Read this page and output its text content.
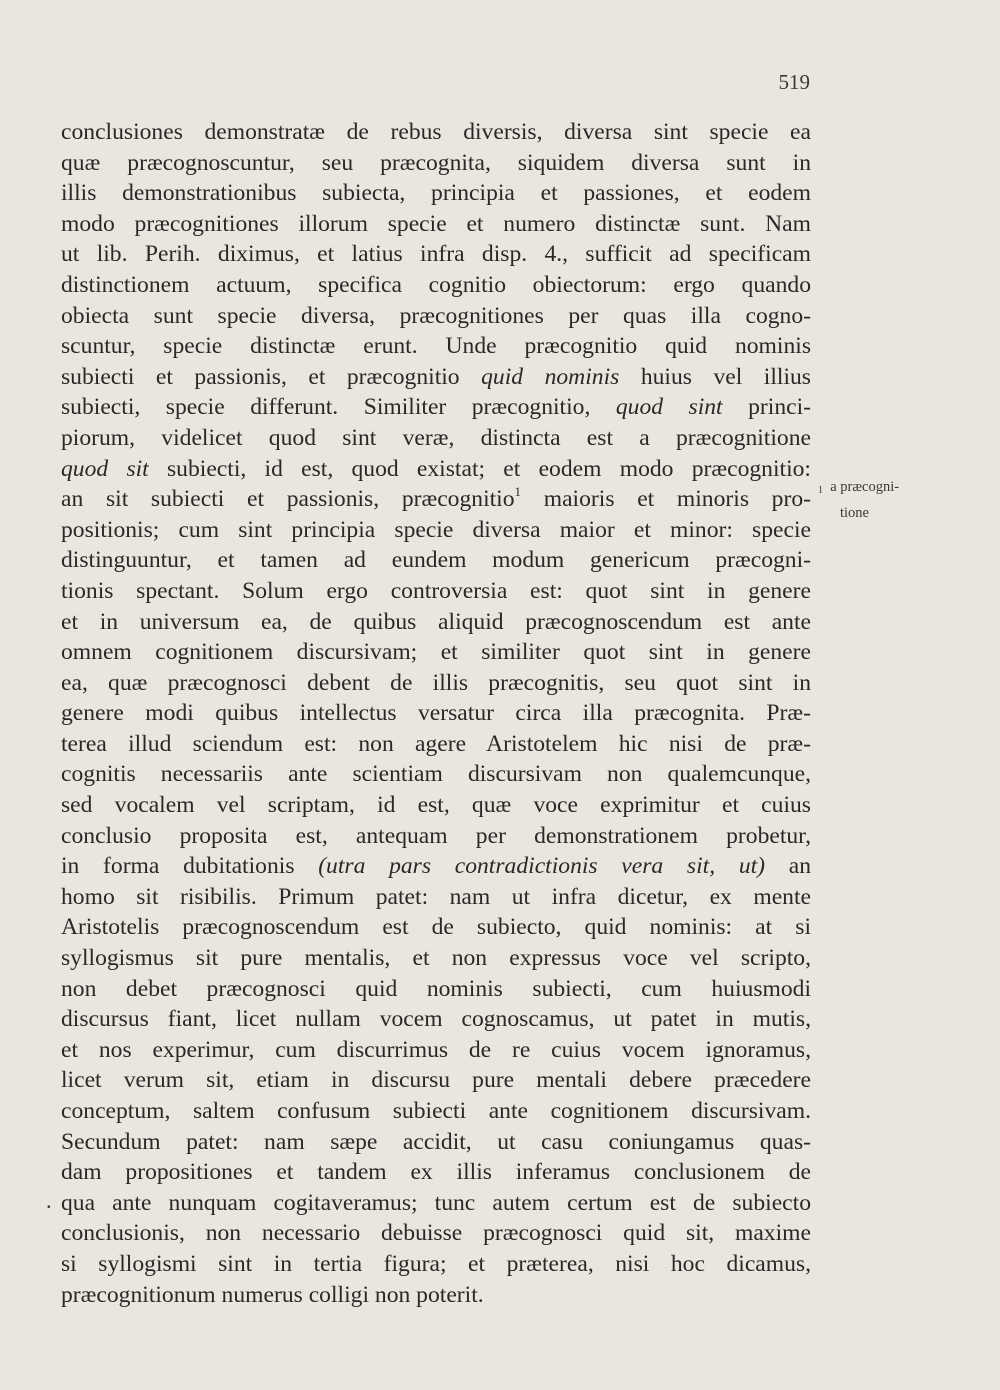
519
conclusiones demonstratæ de rebus diversis, diversa sint specie ea
quæ præcognoscuntur, seu præcognita, siquidem diversa sunt in
illis demonstrationibus subiecta, principia et passiones, et eodem
modo præcognitiones illorum specie et numero distinctæ sunt. Nam
ut lib. Perih. diximus, et latius infra disp. 4., sufficit ad specificam
distinctionem actuum, specifica cognitio obiectorum: ergo quando
obiecta sunt specie diversa, præcognitiones per quas illa cogno-
scuntur, specie distinctæ erunt. Unde præcognitio quid nominis
subiecti et passionis, et præcognitio quid nominis huius vel illius
subiecti, specie differunt. Similiter præcognitio, quod sint princi-
piorum, videlicet quod sint veræ, distincta est a præcognitione
quod sit subiecti, id est, quod existat; et eodem modo præcognitio:
an sit subiecti et passionis, præcognitio$^1$ maioris et minoris pro-
positionis; cum sint principia specie diversa maior et minor: specie
distinguuntur, et tamen ad eundem modum genericum præcogni-
tionis spectant. Solum ergo controversia est: quot sint in genere
et in universum ea, de quibus aliquid præcognoscendum est ante
omnem cognitionem discursivam; et similiter quot sint in genere
ea, quæ præcognosci debent de illis præcognitis, seu quot sint in
genere modi quibus intellectus versatur circa illa præcognita. Præ-
terea illud sciendum est: non agere Aristotelem hic nisi de præ-
cognitis necessariis ante scientiam discursivam non qualemcunque,
sed vocalem vel scriptam, id est, quæ voce exprimitur et cuius
conclusio proposita est, antequam per demonstrationem probetur,
in forma dubitationis (utra pars contradictionis vera sit, ut) an
homo sit risibilis. Primum patet: nam ut infra dicetur, ex mente
Aristotelis præcognoscendum est de subiecto, quid nominis: at si
syllogismus sit pure mentalis, et non expressus voce vel scripto,
non debet præcognosci quid nominis subiecti, cum huiusmodi
discursus fiant, licet nullam vocem cognoscamus, ut patet in mutis,
et nos experimur, cum discurrimus de re cuius vocem ignoramus,
licet verum sit, etiam in discursu pure mentali debere præcedere
conceptum, saltem confusum subiecti ante cognitionem discursivam.
Secundum patet: nam sæpe accidit, ut casu coniungamus quas-
dam propositiones et tandem ex illis inferamus conclusionem de
qua ante nunquam cogitaveramus; tunc autem certum est de subiecto
conclusionis, non necessario debuisse præcognosci quid sit, maxime
si syllogismi sint in tertia figura; et præterea, nisi hoc dicamus,
præcognitionum numerus colligi non poterit.
1 a præcogni-
tione
.
